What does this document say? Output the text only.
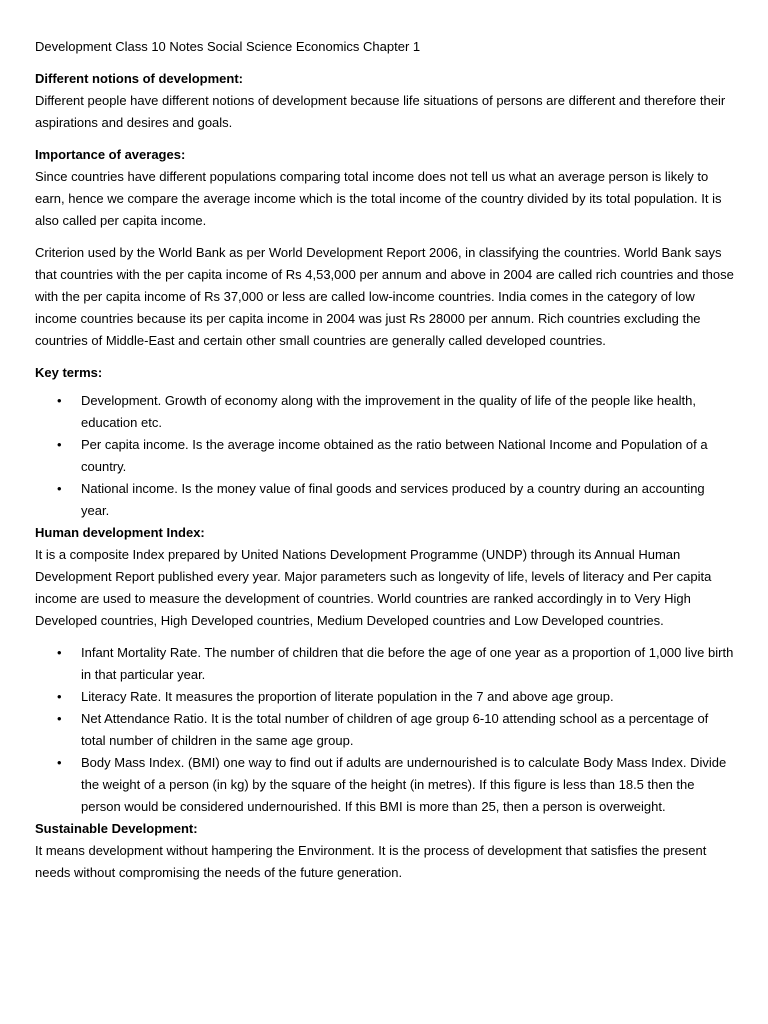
Development Class 10 Notes Social Science Economics Chapter 1

Different notions of development:

Different people have different notions of development because life situations of persons are different and therefore their aspirations and desires and goals.

Importance of averages:

Since countries have different populations comparing total income does not tell us what an average person is likely to earn, hence we compare the average income which is the total income of the country divided by its total population. It is also called per capita income.

Criterion used by the World Bank as per World Development Report 2006, in classifying the countries. World Bank says that countries with the per capita income of Rs 4,53,000 per annum and above in 2004 are called rich countries and those with the per capita income of Rs 37,000 or less are called low-income countries. India comes in the category of low income countries because its per capita income in 2004 was just Rs 28000 per annum. Rich countries excluding the countries of Middle-East and certain other small countries are generally called developed countries.

Key terms:

•	Development. Growth of economy along with the improvement in the quality of life of the people like health, education etc.
•	Per capita income. Is the average income obtained as the ratio between National Income and Population of a country.
•	National income. Is the money value of final goods and services produced by a country during an accounting year.

Human development Index:

It is a composite Index prepared by United Nations Development Programme (UNDP) through its Annual Human Development Report published every year. Major parameters such as longevity of life, levels of literacy and Per capita income are used to measure the development of countries. World countries are ranked accordingly in to Very High Developed countries, High Developed countries, Medium Developed countries and Low Developed countries.

•	Infant Mortality Rate. The number of children that die before the age of one year as a proportion of 1,000 live birth in that particular year.
•	Literacy Rate. It measures the proportion of literate population in the 7 and above age group.
•	Net Attendance Ratio. It is the total number of children of age group 6-10 attending school as a percentage of total number of children in the same age group.
•	Body Mass Index. (BMI) one way to find out if adults are undernourished is to calculate Body Mass Index. Divide the weight of a person (in kg) by the square of the height (in metres). If this figure is less than 18.5 then the person would be considered undernourished. If this BMI is more than 25, then a person is overweight.

Sustainable Development:

It means development without hampering the Environment. It is the process of development that satisfies the present needs without compromising the needs of the future generation.
